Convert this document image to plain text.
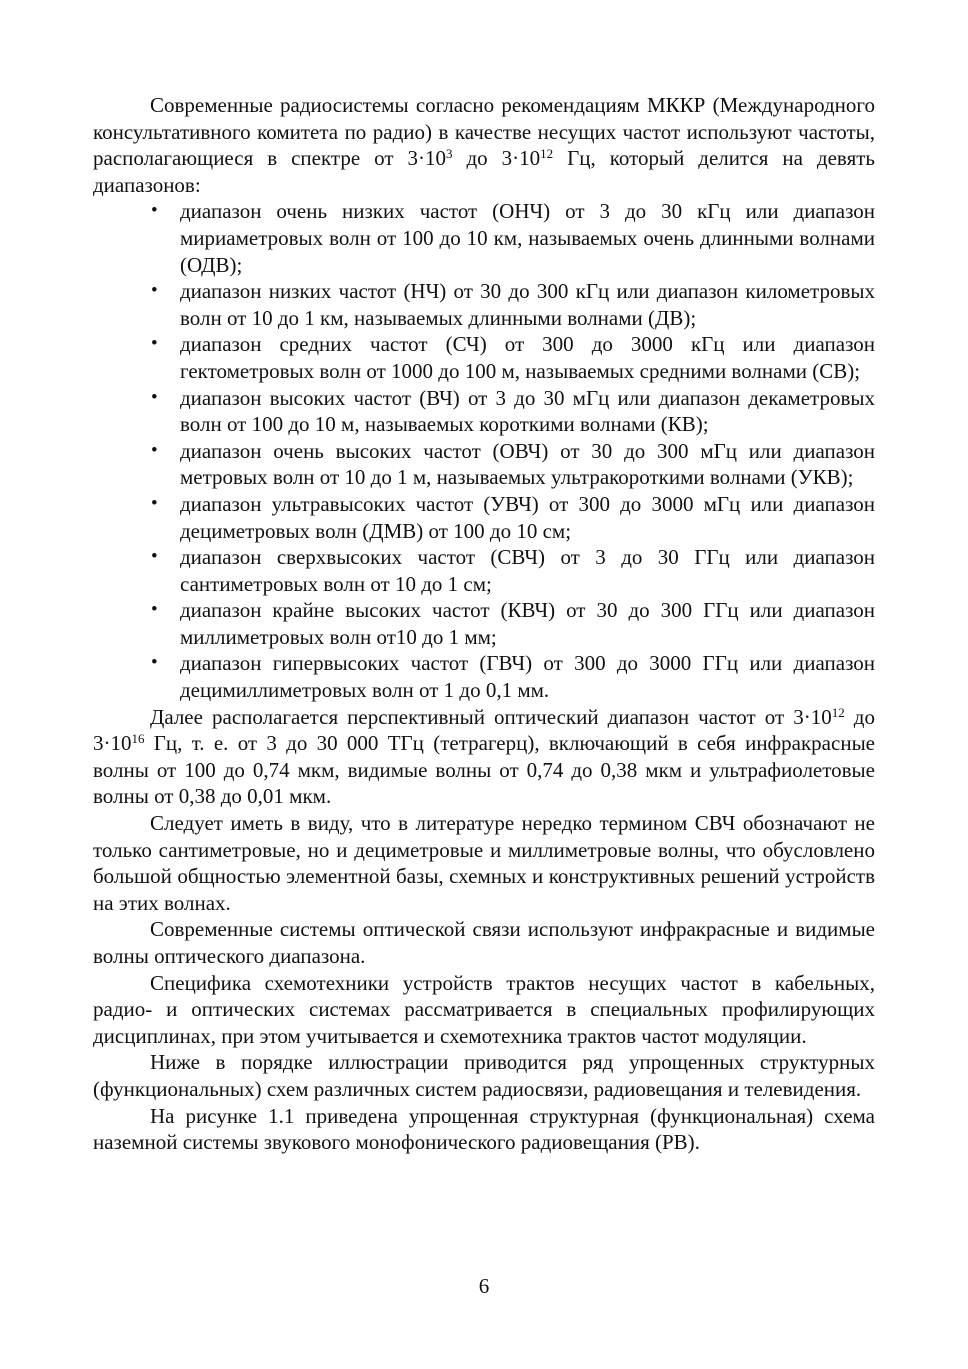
Современные радиосистемы согласно рекомендациям МККР (Международного консультативного комитета по радио) в качестве несущих частот используют частоты, располагающиеся в спектре от $3\cdot 10^3$ до $3\cdot 10^{12}$ Гц, который делится на девять диапазонов:

• диапазон очень низких частот (ОНЧ) от 3 до 30 кГц или диапазон мириаметровых волн от 100 до 10 км, называемых очень длинными волнами (ОДВ);
• диапазон низких частот (НЧ) от 30 до 300 кГц или диапазон километровых волн от 10 до 1 км, называемых длинными волнами (ДВ);
• диапазон средних частот (СЧ) от 300 до 3000 кГц или диапазон гектометровых волн от 1000 до 100 м, называемых средними волнами (СВ);
• диапазон высоких частот (ВЧ) от 3 до 30 мГц или диапазон декаметровых волн от 100 до 10 м, называемых короткими волнами (КВ);
• диапазон очень высоких частот (ОВЧ) от 30 до 300 мГц или диапазон метровых волн от 10 до 1 м, называемых ультракороткими волнами (УКВ);
• диапазон ультравысоких частот (УВЧ) от 300 до 3000 мГц или диапазон дециметровых волн (ДМВ) от 100 до 10 см;
• диапазон сверхвысоких частот (СВЧ) от 3 до 30 ГГц или диапазон сантиметровых волн от 10 до 1 см;
• диапазон крайне высоких частот (КВЧ) от 30 до 300 ГГц или диапазон миллиметровых волн от10 до 1 мм;
• диапазон гипервысоких частот (ГВЧ) от 300 до 3000 ГГц или диапазон децимиллиметровых волн от 1 до 0,1 мм.

Далее располагается перспективный оптический диапазон частот от $3\cdot 10^{12}$ до $3\cdot 10^{16}$ Гц, т. е. от 3 до 30 000 ТГц (тетрагерц), включающий в себя инфракрасные волны от 100 до 0,74 мкм, видимые волны от 0,74 до 0,38 мкм и ультрафиолетовые волны от 0,38 до 0,01 мкм.

Следует иметь в виду, что в литературе нередко термином СВЧ обозначают не только сантиметровые, но и дециметровые и миллиметровые волны, что обусловлено большой общностью элементной базы, схемных и конструктивных решений устройств на этих волнах.

Современные системы оптической связи используют инфракрасные и видимые волны оптического диапазона.

Специфика схемотехники устройств трактов несущих частот в кабельных, радио- и оптических системах рассматривается в специальных профилирующих дисциплинах, при этом учитывается и схемотехника трактов частот модуляции.

Ниже в порядке иллюстрации приводится ряд упрощенных структурных (функциональных) схем различных систем радиосвязи, радиовещания и телевидения.

На рисунке 1.1 приведена упрощенная структурная (функциональная) схема наземной системы звукового монофонического радиовещания (РВ).

6
